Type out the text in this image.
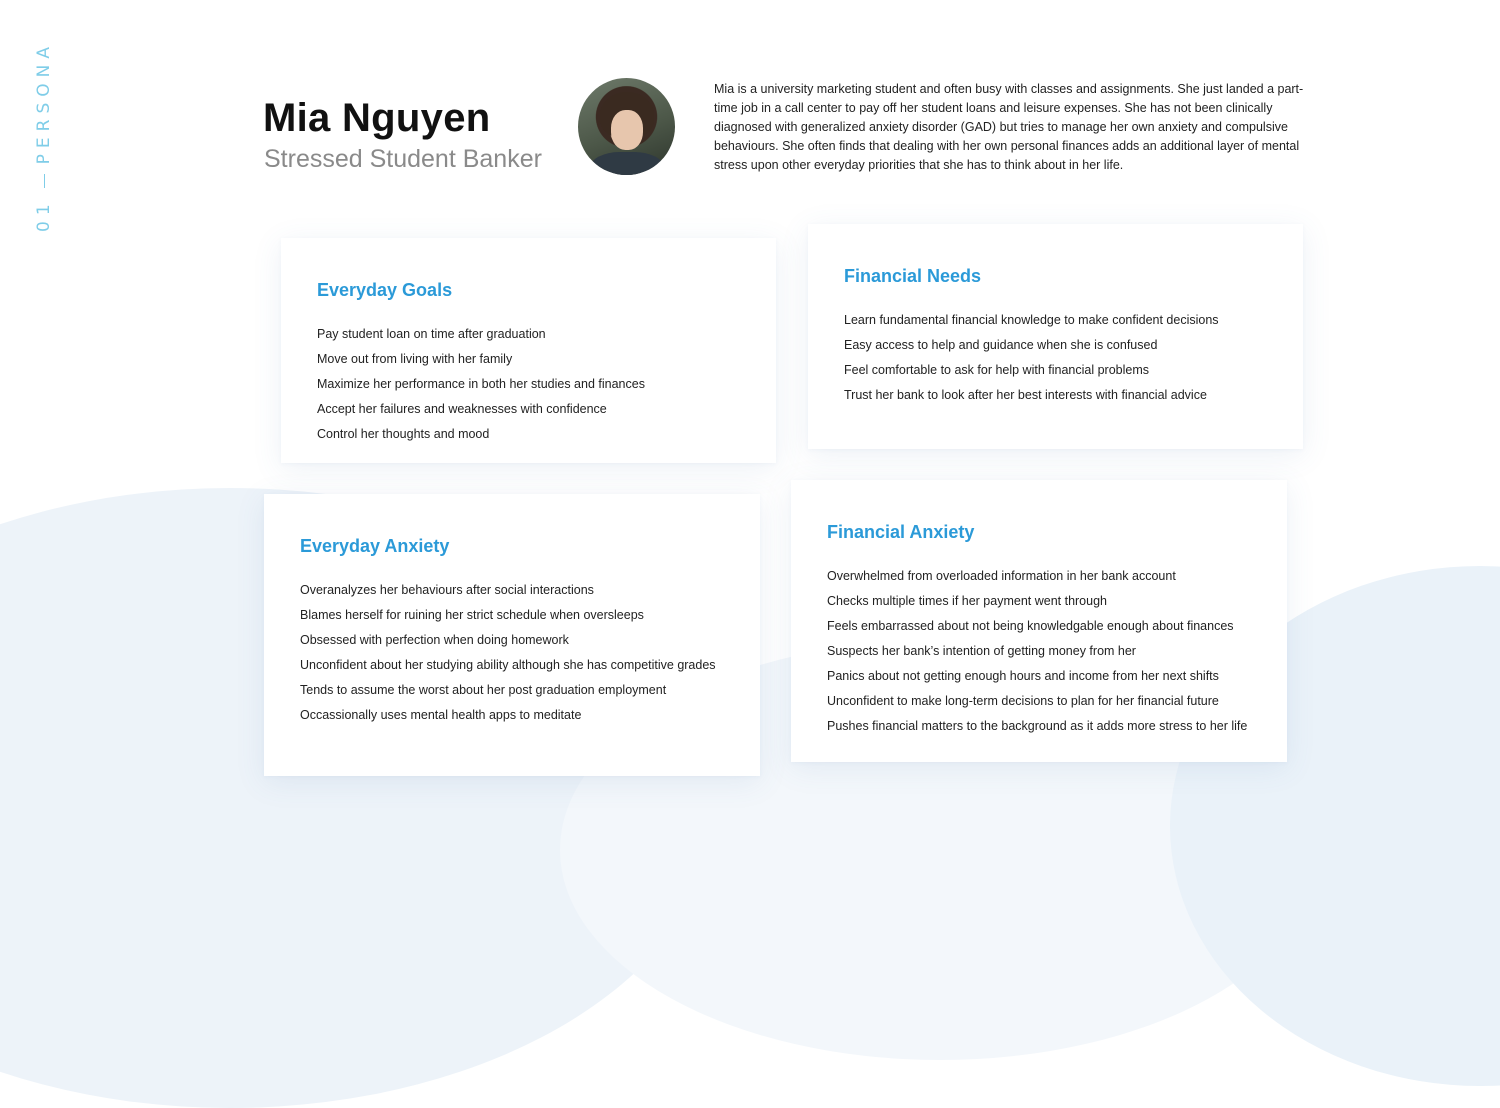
01PERSONA	Mia Nguyen

Stressed Student Banker

Mia is a university marketing student and often busy with classes and assignments. She just landed a part-time job in a call center to pay off her student loans and leisure expenses. She has not been clinically diagnosed with generalized anxiety disorder (GAD) but tries to manage her own anxiety and compulsive behaviours. She often finds that dealing with her own personal finances adds an additional layer of mental stress upon other everyday priorities that she has to think about in her life.

Everyday Goals
Pay student loan on time after graduation
Move out from living with her family
Maximize her performance in both her studies and finances
Accept her failures and weaknesses with confidence
Control her thoughts and mood
Financial Needs
Learn fundamental financial knowledge to make confident decisions
Easy access to help and guidance when she is confused
Feel comfortable to ask for help with financial problems
Trust her bank to look after her best interests with financial advice
Everyday Anxiety
Overanalyzes her behaviours after social interactions
Blames herself for ruining her strict schedule when oversleeps
Obsessed with perfection when doing homework
Unconfident about her studying ability although she has competitive grades
Tends to assume the worst about her post graduation employment
Occassionally uses mental health apps to meditate
Financial Anxiety
Overwhelmed from overloaded information in her bank account
Checks multiple times if her payment went through
Feels embarrassed about not being knowledgable enough about finances
Suspects her bank’s intention of getting money from her
Panics about not getting enough hours and income from her next shifts
Unconfident to make long-term decisions to plan for her financial future
Pushes financial matters to the background as it adds more stress to her life
